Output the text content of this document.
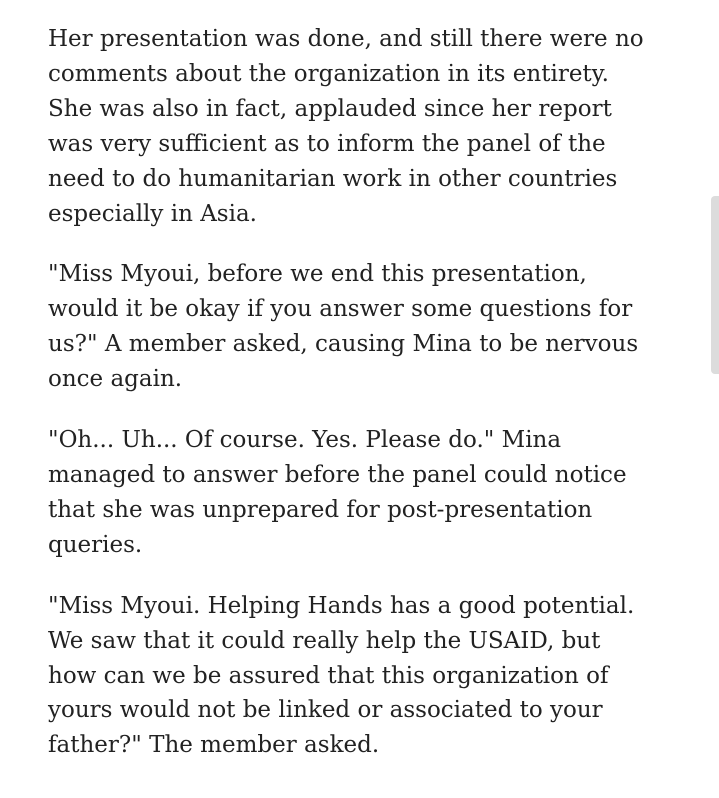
Her presentation was done, and still there were no
comments about the organization in its entirety.
She was also in fact, applauded since her report
was very sufficient as to inform the panel of the
need to do humanitarian work in other countries
especially in Asia.

"Miss Myoui, before we end this presentation,
would it be okay if you answer some questions for
us?" A member asked, causing Mina to be nervous
once again.

"Oh... Uh... Of course. Yes. Please do." Mina
managed to answer before the panel could notice
that she was unprepared for post-presentation
queries.

"Miss Myoui. Helping Hands has a good potential.
We saw that it could really help the USAID, but
how can we be assured that this organization of
yours would not be linked or associated to your
father?" The member asked.
